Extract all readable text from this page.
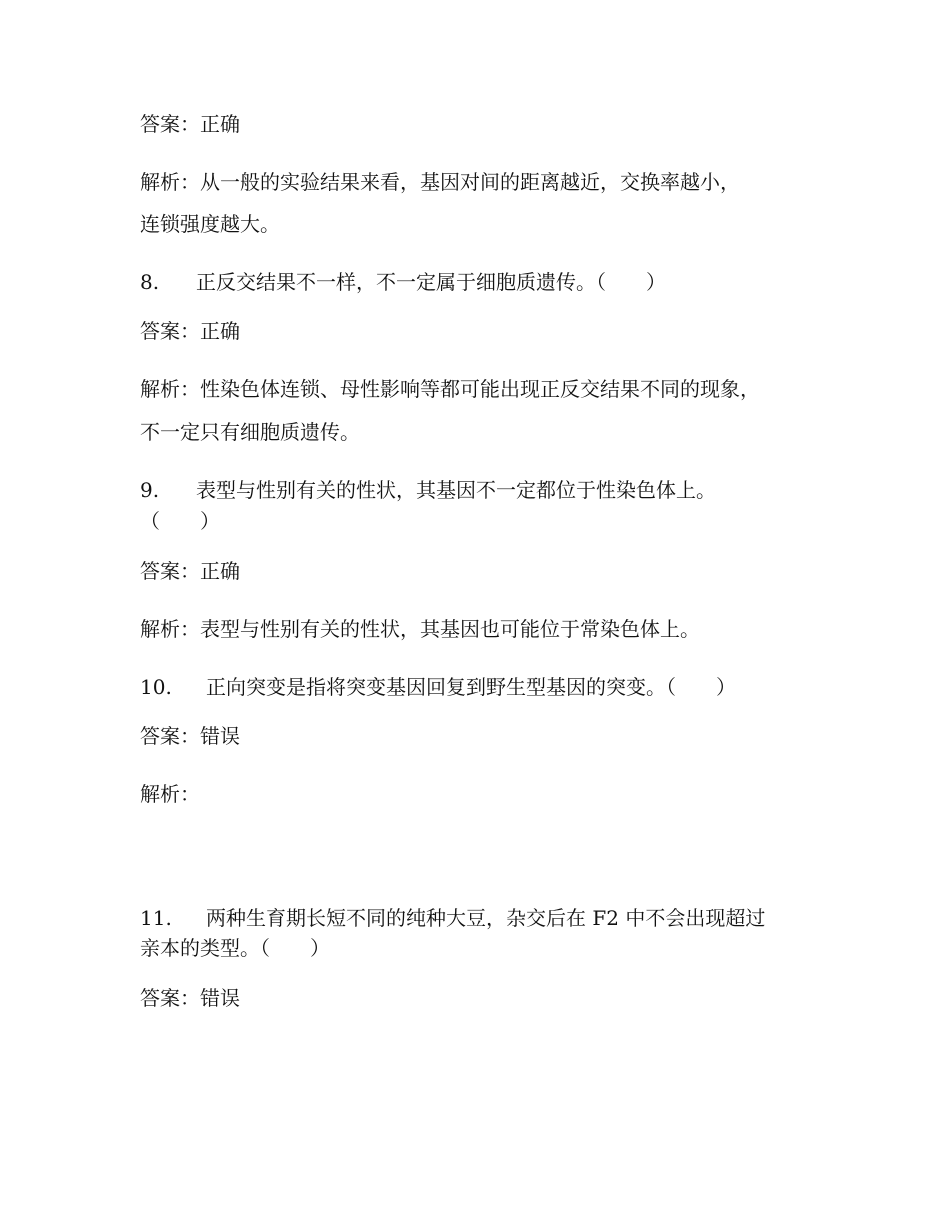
答案：正确
解析：从一般的实验结果来看，基因对间的距离越近，交换率越小，
连锁强度越大。
8. 正反交结果不一样，不一定属于细胞质遗传。（　　）
答案：正确
解析：性染色体连锁、母性影响等都可能出现正反交结果不同的现象，
不一定只有细胞质遗传。
9. 表型与性别有关的性状，其基因不一定都位于性染色体上。
（　　）
答案：正确
解析：表型与性别有关的性状，其基因也可能位于常染色体上。
10. 正向突变是指将突变基因回复到野生型基因的突变。（　　）
答案：错误
解析：
11. 两种生育期长短不同的纯种大豆，杂交后在 F2 中不会出现超过
亲本的类型。（　　）
答案：错误
